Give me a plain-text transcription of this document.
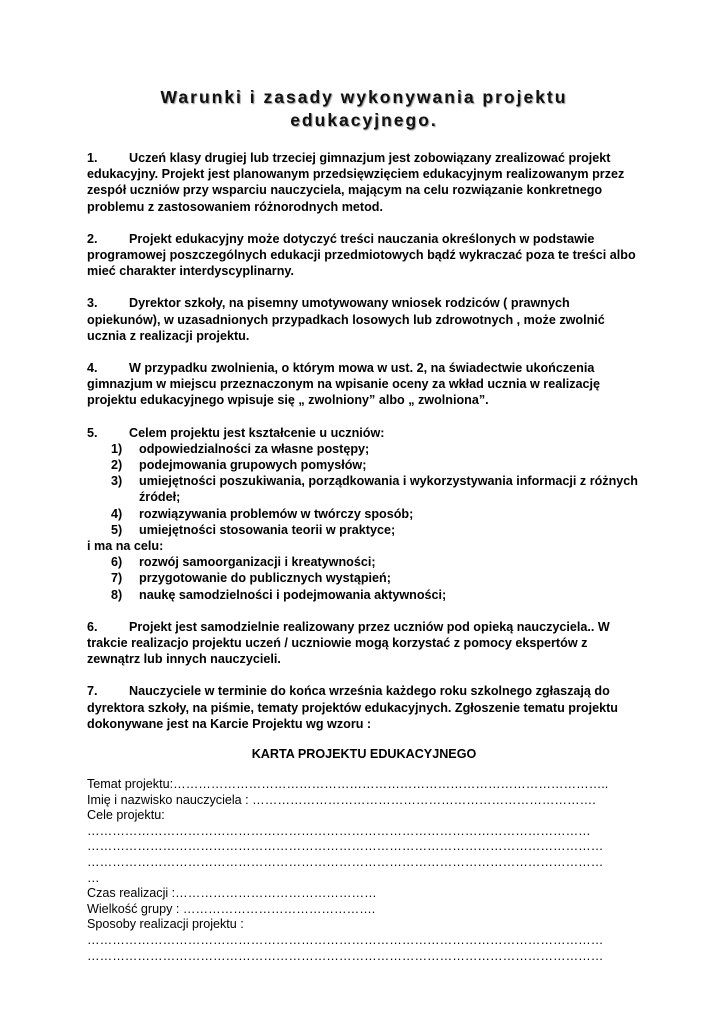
Warunki i zasady wykonywania projektu
edukacyjnego.

1. Uczeń klasy drugiej lub trzeciej gimnazjum jest zobowiązany zrealizować projekt edukacyjny. Projekt jest planowanym przedsięwzięciem edukacyjnym realizowanym przez zespół uczniów przy wsparciu nauczyciela, mającym na celu rozwiązanie konkretnego problemu z zastosowaniem różnorodnych metod.

2. Projekt edukacyjny może dotyczyć treści nauczania określonych w podstawie programowej poszczególnych edukacji przedmiotowych bądź wykraczać poza te treści albo mieć charakter interdyscyplinarny.

3. Dyrektor szkoły, na pisemny umotywowany wniosek rodziców ( prawnych opiekunów), w uzasadnionych przypadkach losowych lub zdrowotnych , może zwolnić ucznia z realizacji projektu.

4. W przypadku zwolnienia, o którym mowa w ust. 2, na świadectwie ukończenia gimnazjum w miejscu przeznaczonym na wpisanie oceny za wkład ucznia w realizację projektu edukacyjnego wpisuje się „ zwolniony” albo „ zwolniona”.

5. Celem projektu jest kształcenie u uczniów:

1) odpowiedzialności za własne postępy;
2) podejmowania grupowych pomysłów;
3) umiejętności poszukiwania, porządkowania i wykorzystywania informacji z różnych źródeł;
4) rozwiązywania problemów w twórczy sposób;
5) umiejętności stosowania teorii w praktyce;

i ma na celu:

6) rozwój samoorganizacji i kreatywności;
7) przygotowanie do publicznych wystąpień;
8) naukę samodzielności i podejmowania aktywności;

6. Projekt jest samodzielnie realizowany przez uczniów pod opieką nauczyciela.. W trakcie realizacjo projektu uczeń / uczniowie mogą korzystać z pomocy ekspertów z zewnątrz lub innych nauczycieli.

7. Nauczyciele w terminie do końca września każdego roku szkolnego zgłaszają do dyrektora szkoły, na piśmie, tematy projektów edukacyjnych. Zgłoszenie tematu projektu dokonywane jest na Karcie Projektu wg wzoru :

KARTA PROJEKTU EDUKACYJNEGO

Temat projektu:…………………………………………………………………………………………..
Imię i nazwisko nauczyciela : ……………………………………………………………………….
Cele projektu:
…………………………………………………………………………………………………………
……………………………………………………………………………………………………………
……………………………………………………………………………………………………………
…
Czas realizacji :…………………………………………
Wielkość grupy : ……………………………………….
Sposoby realizacji projektu :
……………………………………………………………………………………………………………
……………………………………………………………………………………………………………
